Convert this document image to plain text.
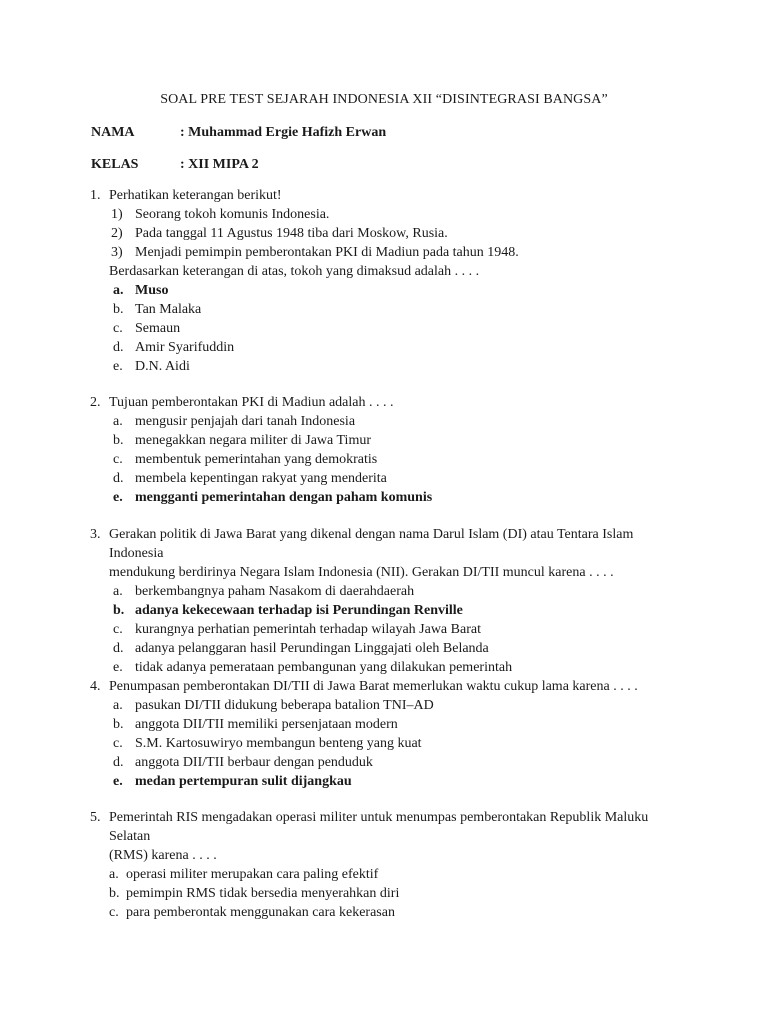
SOAL PRE TEST SEJARAH INDONESIA XII “DISINTEGRASI BANGSA”
NAMA	: Muhammad Ergie Hafizh Erwan
KELAS	: XII MIPA 2
1. Perhatikan keterangan berikut!
1) Seorang tokoh komunis Indonesia.
2) Pada tanggal 11 Agustus 1948 tiba dari Moskow, Rusia.
3) Menjadi pemimpin pemberontakan PKI di Madiun pada tahun 1948.
Berdasarkan keterangan di atas, tokoh yang dimaksud adalah . . . .
a. Muso
b. Tan Malaka
c. Semaun
d. Amir Syarifuddin
e. D.N. Aidi
2. Tujuan pemberontakan PKI di Madiun adalah . . . .
a. mengusir penjajah dari tanah Indonesia
b. menegakkan negara militer di Jawa Timur
c. membentuk pemerintahan yang demokratis
d. membela kepentingan rakyat yang menderita
e. mengganti pemerintahan dengan paham komunis
3. Gerakan politik di Jawa Barat yang dikenal dengan nama Darul Islam (DI) atau Tentara Islam Indonesia
mendukung berdirinya Negara Islam Indonesia (NII). Gerakan DI/TII muncul karena . . . .
a. berkembangnya paham Nasakom di daerahdaerah
b. adanya kekecewaan terhadap isi Perundingan Renville
c. kurangnya perhatian pemerintah terhadap wilayah Jawa Barat
d. adanya pelanggaran hasil Perundingan Linggajati oleh Belanda
e. tidak adanya pemerataan pembangunan yang dilakukan pemerintah
4. Penumpasan pemberontakan DI/TII di Jawa Barat memerlukan waktu cukup lama karena . . . .
a. pasukan DI/TII didukung beberapa batalion TNI–AD
b. anggota DII/TII memiliki persenjataan modern
c. S.M. Kartosuwiryo membangun benteng yang kuat
d. anggota DII/TII berbaur dengan penduduk
e. medan pertempuran sulit dijangkau
5. Pemerintah RIS mengadakan operasi militer untuk menumpas pemberontakan Republik Maluku Selatan
(RMS) karena . . . .
a. operasi militer merupakan cara paling efektif
b. pemimpin RMS tidak bersedia menyerahkan diri
c. para pemberontak menggunakan cara kekerasan
